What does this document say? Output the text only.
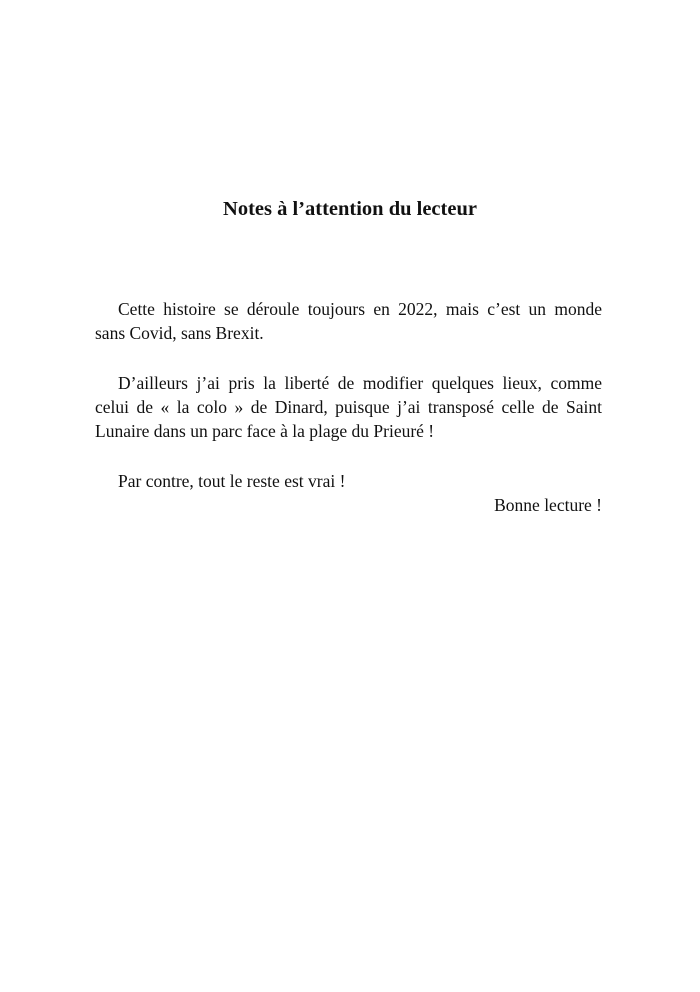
Notes à l’attention du lecteur
Cette histoire se déroule toujours en 2022, mais c’est un monde
sans Covid, sans Brexit.
D’ailleurs j’ai pris la liberté de modifier quelques lieux, comme
celui de « la colo » de Dinard, puisque j’ai transposé celle de Saint
Lunaire dans un parc face à la plage du Prieuré !
Par contre, tout le reste est vrai !
Bonne lecture !
